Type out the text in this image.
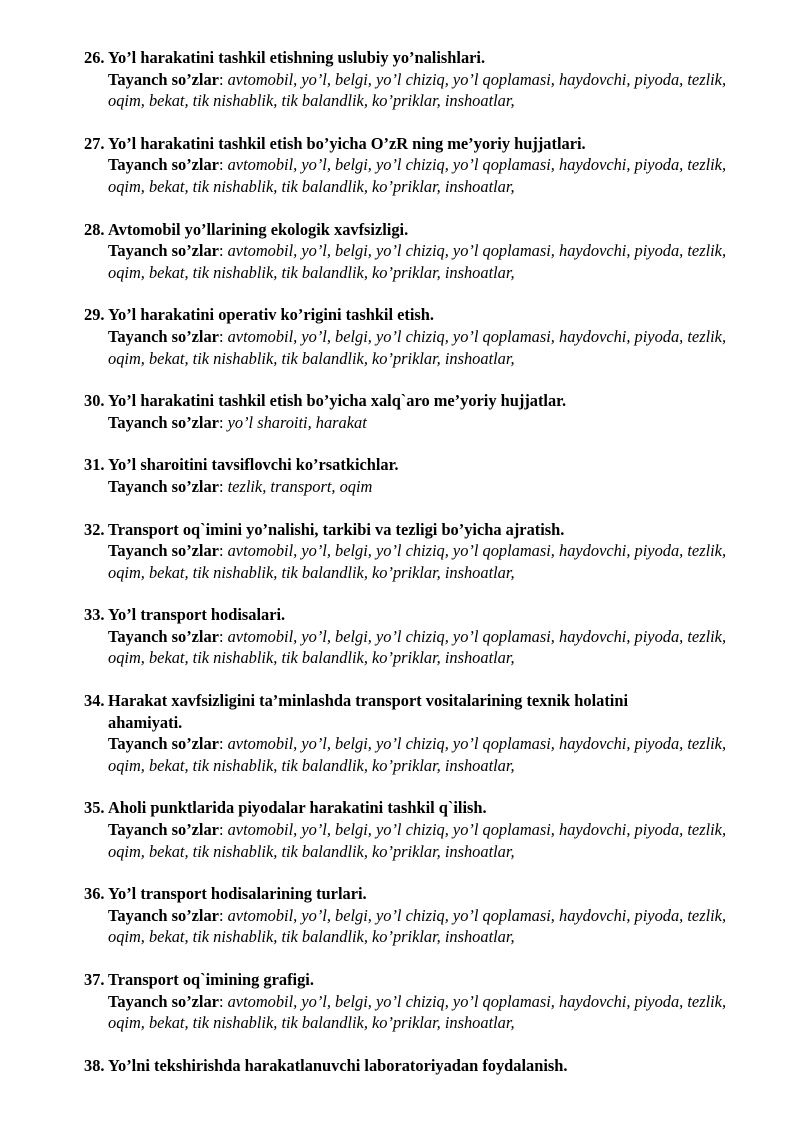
26. Yo’l harakatini tashkil etishning uslubiy yo’nalishlari.
Tayanch so’zlar: avtomobil, yo’l, belgi, yo’l chiziq, yo’l qoplamasi, haydovchi, piyoda, tezlik, oqim, bekat, tik nishablik, tik balandlik, ko’priklar, inshoatlar,
27. Yo’l harakatini tashkil etish bo’yicha O’zR ning me’yoriy hujjatlari.
Tayanch so’zlar: avtomobil, yo’l, belgi, yo’l chiziq, yo’l qoplamasi, haydovchi, piyoda, tezlik, oqim, bekat, tik nishablik, tik balandlik, ko’priklar, inshoatlar,
28. Avtomobil yo’llarining ekologik xavfsizligi.
Tayanch so’zlar: avtomobil, yo’l, belgi, yo’l chiziq, yo’l qoplamasi, haydovchi, piyoda, tezlik, oqim, bekat, tik nishablik, tik balandlik, ko’priklar, inshoatlar,
29. Yo’l harakatini operativ ko’rigini tashkil etish.
Tayanch so’zlar: avtomobil, yo’l, belgi, yo’l chiziq, yo’l qoplamasi, haydovchi, piyoda, tezlik, oqim, bekat, tik nishablik, tik balandlik, ko’priklar, inshoatlar,
30. Yo’l harakatini tashkil etish bo’yicha xalq`aro me’yoriy hujjatlar.
Tayanch so’zlar: yo’l sharoiti, harakat
31. Yo’l sharoitini tavsiflovchi ko’rsatkichlar.
Tayanch so’zlar: tezlik, transport, oqim
32. Transport oq`imini yo’nalishi, tarkibi va tezligi bo’yicha ajratish.
Tayanch so’zlar: avtomobil, yo’l, belgi, yo’l chiziq, yo’l qoplamasi, haydovchi, piyoda, tezlik, oqim, bekat, tik nishablik, tik balandlik, ko’priklar, inshoatlar,
33. Yo’l transport hodisalari.
Tayanch so’zlar: avtomobil, yo’l, belgi, yo’l chiziq, yo’l qoplamasi, haydovchi, piyoda, tezlik, oqim, bekat, tik nishablik, tik balandlik, ko’priklar, inshoatlar,
34. Harakat xavfsizligini ta’minlashda transport vositalarining texnik holatini ahamiyati.
Tayanch so’zlar: avtomobil, yo’l, belgi, yo’l chiziq, yo’l qoplamasi, haydovchi, piyoda, tezlik, oqim, bekat, tik nishablik, tik balandlik, ko’priklar, inshoatlar,
35. Aholi punktlarida piyodalar harakatini tashkil q`ilish.
Tayanch so’zlar: avtomobil, yo’l, belgi, yo’l chiziq, yo’l qoplamasi, haydovchi, piyoda, tezlik, oqim, bekat, tik nishablik, tik balandlik, ko’priklar, inshoatlar,
36. Yo’l transport hodisalarining turlari.
Tayanch so’zlar: avtomobil, yo’l, belgi, yo’l chiziq, yo’l qoplamasi, haydovchi, piyoda, tezlik, oqim, bekat, tik nishablik, tik balandlik, ko’priklar, inshoatlar,
37. Transport oq`imining grafigi.
Tayanch so’zlar: avtomobil, yo’l, belgi, yo’l chiziq, yo’l qoplamasi, haydovchi, piyoda, tezlik, oqim, bekat, tik nishablik, tik balandlik, ko’priklar, inshoatlar,
38. Yo’lni tekshirishda harakatlanuvchi laboratoriyadan foydalanish.
